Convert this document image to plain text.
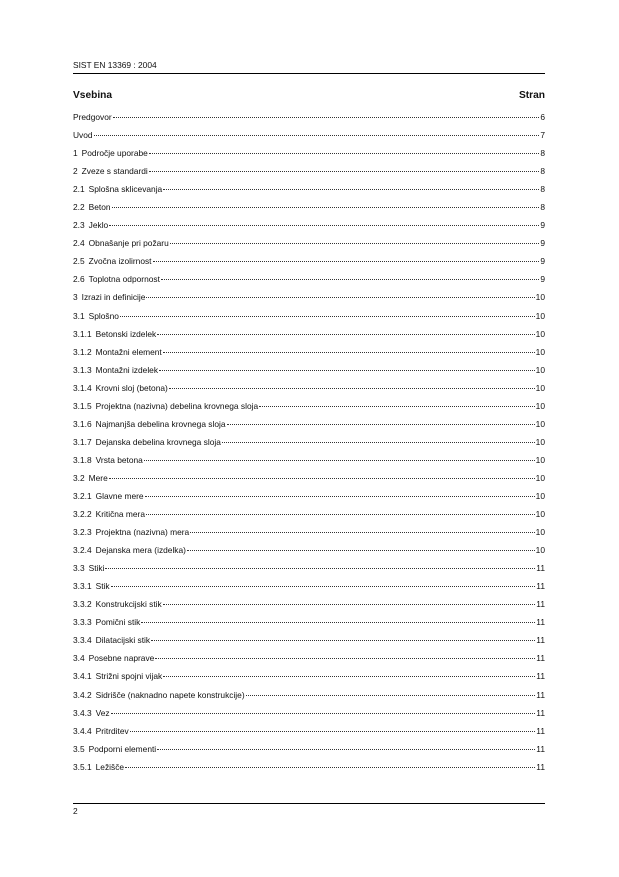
SIST EN 13369 : 2004
Vsebina	Stran
Predgovor	6
Uvod	7
1 Področje uporabe	8
2 Zveze s standardi	8
2.1 Splošna sklicevanja	8
2.2 Beton	8
2.3 Jeklo	9
2.4 Obnašanje pri požaru	9
2.5 Zvočna izolirnost	9
2.6 Toplotna odpornost	9
3 Izrazi in definicije	10
3.1 Splošno	10
3.1.1 Betonski izdelek	10
3.1.2 Montažni element	10
3.1.3 Montažni izdelek	10
3.1.4 Krovni sloj (betona)	10
3.1.5 Projektna (nazivna) debelina krovnega sloja	10
3.1.6 Najmanjša debelina krovnega sloja	10
3.1.7 Dejanska debelina krovnega sloja	10
3.1.8 Vrsta betona	10
3.2 Mere	10
3.2.1 Glavne mere	10
3.2.2 Kritična mera	10
3.2.3 Projektna (nazivna) mera	10
3.2.4 Dejanska mera (izdelka)	10
3.3 Stiki	11
3.3.1 Stik	11
3.3.2 Konstrukcijski stik	11
3.3.3 Pomični stik	11
3.3.4 Dilatacijski stik	11
3.4 Posebne naprave	11
3.4.1 Strižni spojni vijak	11
3.4.2 Sidrišče (naknadno napete konstrukcije)	11
3.4.3 Vez	11
3.4.4 Pritrditev	11
3.5 Podporni elementi	11
3.5.1 Ležišče	11
2
